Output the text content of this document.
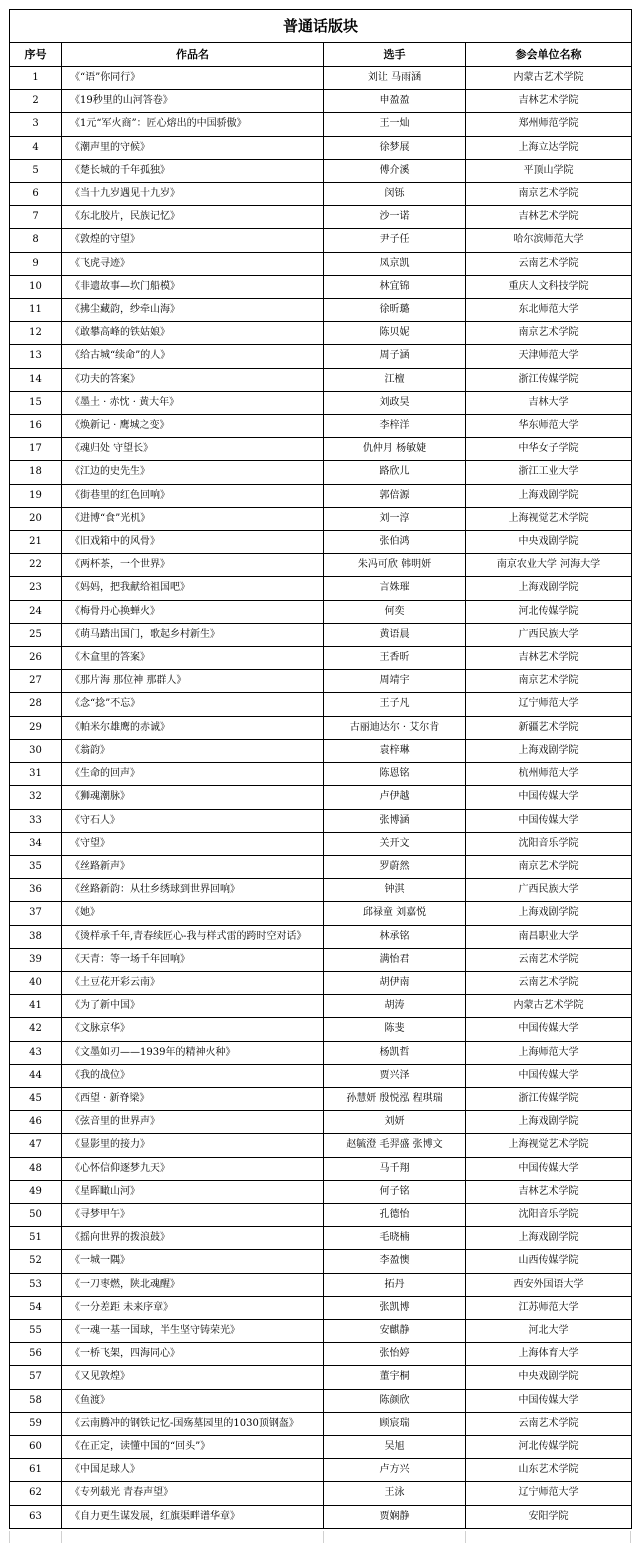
普通话版块			
序号	作品名	选手	参会单位名称
1	《“语”你同行》	刘让 马雨涵	内蒙古艺术学院
2	《19秒里的山河答卷》	申盈盈	吉林艺术学院
3	《1元“军火商”：匠心熔出的中国骄傲》	王一灿	郑州师范学院
4	《潮声里的守候》	徐梦展	上海立达学院
5	《楚长城的千年孤独》	傅介溪	平顶山学院
6	《当十九岁遇见十九岁》	闵铄	南京艺术学院
7	《东北胶片，民族记忆》	沙一诺	吉林艺术学院
8	《敦煌的守望》	尹子任	哈尔滨师范大学
9	《飞虎寻迹》	凤京凯	云南艺术学院
10	《非遗故事—坎门船模》	林宜锦	重庆人文科技学院
11	《拂尘藏韵，纱牵山海》	徐昕璐	东北师范大学
12	《敢攀高峰的铁姑娘》	陈贝妮	南京艺术学院
13	《给古城“续命”的人》	周子涵	天津师范大学
14	《功夫的答案》	江檀	浙江传媒学院
15	《墨土 · 赤忱 · 黄大年》	刘政昊	吉林大学
16	《焕新记 · 鹰城之变》	李梓洋	华东师范大学
17	《魂归处 守望长》	仇仲月 杨敏婕	中华女子学院
18	《江边的史先生》	路欣儿	浙江工业大学
19	《街巷里的红色回响》	郭倍源	上海戏剧学院
20	《进博“食”光机》	刘一淳	上海视觉艺术学院
21	《旧戏箱中的风骨》	张伯鸿	中央戏剧学院
22	《两杯茶，一个世界》	朱冯可欣 韩明妍	南京农业大学 河海大学
23	《妈妈，把我献给祖国吧》	言姝璀	上海戏剧学院
24	《梅骨丹心换蝉火》	何奕	河北传媒学院
25	《萌马踏出国门，歌起乡村新生》	黄语晨	广西民族大学
26	《木盒里的答案》	王香昕	吉林艺术学院
27	《那片海 那位神 那群人》	周靖宇	南京艺术学院
28	《念“捻”不忘》	王子凡	辽宁师范大学
29	《帕米尔雄鹰的赤诚》	古丽迪达尔 · 艾尔肯	新疆艺术学院
30	《翁韵》	袁梓琳	上海戏剧学院
31	《生命的回声》	陈恩铭	杭州师范大学
32	《狮魂潮脉》	卢伊越	中国传媒大学
33	《守石人》	张博涵	中国传媒大学
34	《守望》	关开文	沈阳音乐学院
35	《丝路新声》	罗蔚然	南京艺术学院
36	《丝路新韵：从壮乡绣球到世界回响》	钟淇	广西民族大学
37	《她》	邱禄童 刘嘉悦	上海戏剧学院
38	《烫样承千年,青春续匠心-我与样式雷的跨时空对话》	林承铭	南昌职业大学
39	《天青：等一场千年回响》	满怡君	云南艺术学院
40	《土豆花开彩云南》	胡伊南	云南艺术学院
41	《为了新中国》	胡涛	内蒙古艺术学院
42	《文脉京华》	陈斐	中国传媒大学
43	《文墨如刃——1939年的精神火种》	杨凯哲	上海师范大学
44	《我的战位》	贾兴泽	中国传媒大学
45	《西望 · 新脊梁》	孙慧妍 殷悦泓 程琪瑞	浙江传媒学院
46	《弦音里的世界声》	刘妍	上海戏剧学院
47	《显影里的接力》	赵毓澄 毛羿盛 张博文	上海视觉艺术学院
48	《心怀信仰逐梦九天》	马千翔	中国传媒大学
49	《星晖瞰山河》	何子铭	吉林艺术学院
50	《寻梦甲午》	孔德怡	沈阳音乐学院
51	《摇向世界的拨浪鼓》	毛晓楠	上海戏剧学院
52	《一城一隅》	李盈懊	山西传媒学院
53	《一刀枣燃，陕北魂醒》	拓丹	西安外国语大学
54	《一分差距 未来序章》	张凯博	江苏师范大学
55	《一魂一基一国球，半生坚守铸荣光》	安麒静	河北大学
56	《一桥飞架，四海同心》	张怡婷	上海体育大学
57	《又见敦煌》	董宇桐	中央戏剧学院
58	《鱼渡》	陈颜欣	中国传媒大学
59	《云南腾冲的钢铁记忆-国殇墓园里的1030顶钢盔》	顾宸瑞	云南艺术学院
60	《在正定，读懂中国的“回头”》	吴旭	河北传媒学院
61	《中国足球人》	卢方兴	山东艺术学院
62	《专列载光 青春声望》	王泳	辽宁师范大学
63	《自力更生谋发展，红旗渠畔谱华章》	贾娴静	安阳学院
